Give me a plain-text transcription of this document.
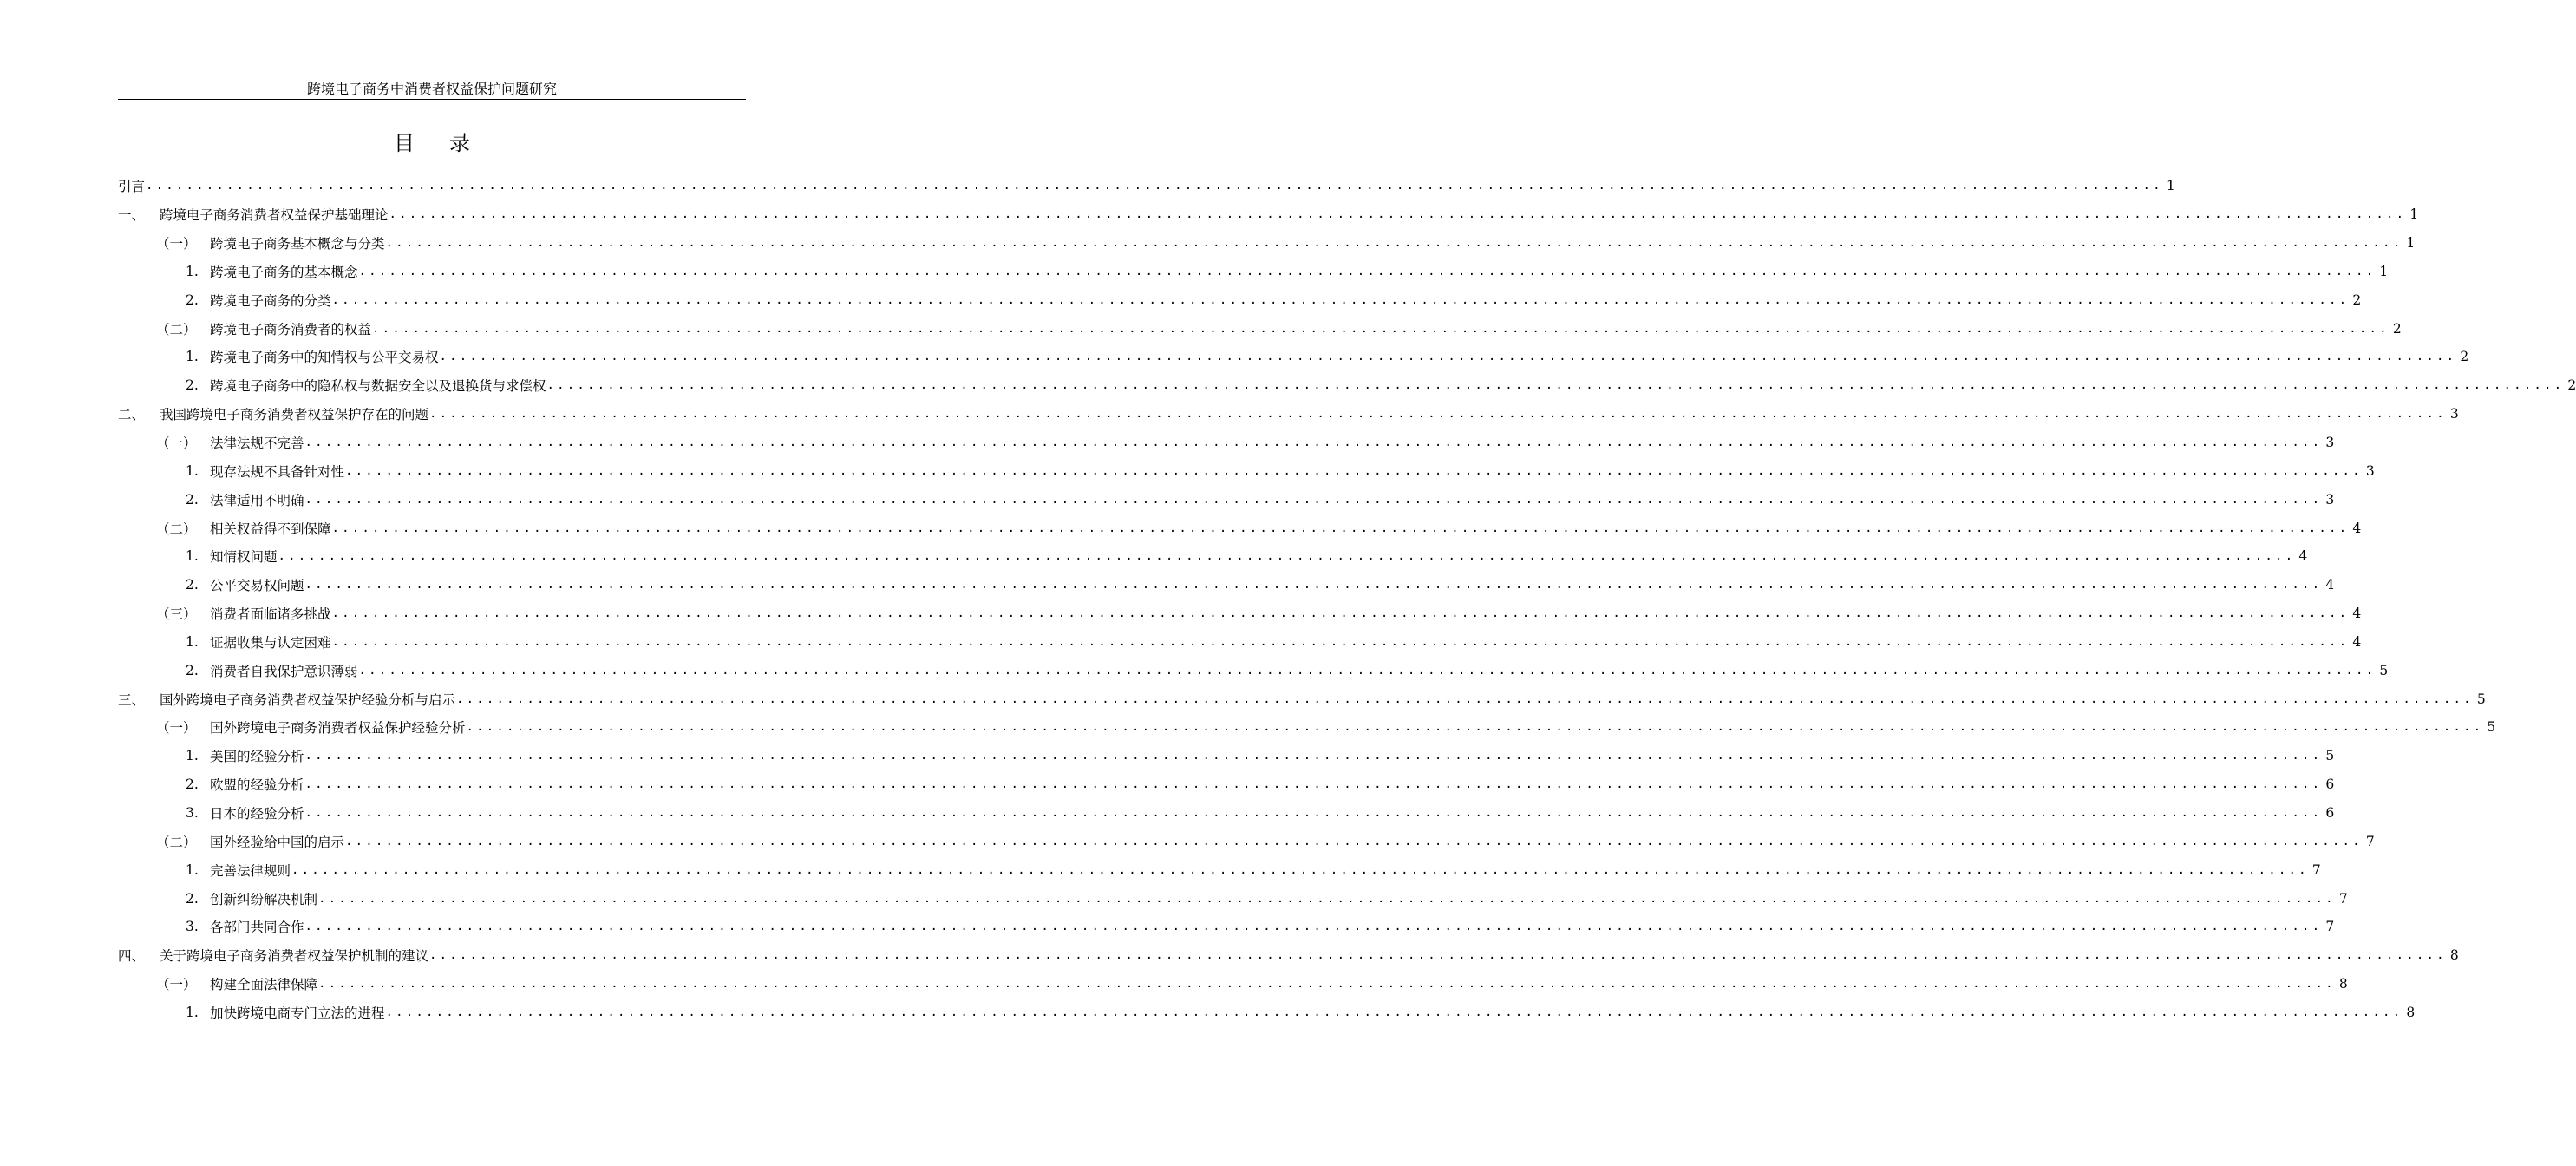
跨境电子商务中消费者权益保护问题研究
目录
引言 ........................................................................................................................................................................................................ 1
一、	跨境电子商务消费者权益保护基础理论 ........................................................................................................................................................................................................ 1
（一） 跨境电子商务基本概念与分类 ........................................................................................................................................................................................................ 1
1. 跨境电子商务的基本概念 ........................................................................................................................................................................................................ 1
2. 跨境电子商务的分类 ........................................................................................................................................................................................................ 2
（二） 跨境电子商务消费者的权益 ........................................................................................................................................................................................................ 2
1. 跨境电子商务中的知情权与公平交易权 ........................................................................................................................................................................................................ 2
2. 跨境电子商务中的隐私权与数据安全以及退换货与求偿权 ........................................................................................................................................................................................................ 2
二、	我国跨境电子商务消费者权益保护存在的问题 ........................................................................................................................................................................................................ 3
（一） 法律法规不完善 ........................................................................................................................................................................................................ 3
1. 现存法规不具备针对性 ........................................................................................................................................................................................................ 3
2. 法律适用不明确 ........................................................................................................................................................................................................ 3
（二） 相关权益得不到保障 ........................................................................................................................................................................................................ 4
1. 知情权问题 ........................................................................................................................................................................................................ 4
2. 公平交易权问题 ........................................................................................................................................................................................................ 4
（三） 消费者面临诸多挑战 ........................................................................................................................................................................................................ 4
1. 证据收集与认定困难 ........................................................................................................................................................................................................ 4
2. 消费者自我保护意识薄弱 ........................................................................................................................................................................................................ 5
三、	国外跨境电子商务消费者权益保护经验分析与启示 ........................................................................................................................................................................................................ 5
（一） 国外跨境电子商务消费者权益保护经验分析 ........................................................................................................................................................................................................ 5
1. 美国的经验分析 ........................................................................................................................................................................................................ 5
2. 欧盟的经验分析 ........................................................................................................................................................................................................ 6
3. 日本的经验分析 ........................................................................................................................................................................................................ 6
（二） 国外经验给中国的启示 ........................................................................................................................................................................................................ 7
1. 完善法律规则 ........................................................................................................................................................................................................ 7
2. 创新纠纷解决机制 ........................................................................................................................................................................................................ 7
3. 各部门共同合作 ........................................................................................................................................................................................................ 7
四、	关于跨境电子商务消费者权益保护机制的建议 ........................................................................................................................................................................................................ 8
（一） 构建全面法律保障 ........................................................................................................................................................................................................ 8
1. 加快跨境电商专门立法的进程 ........................................................................................................................................................................................................ 8
